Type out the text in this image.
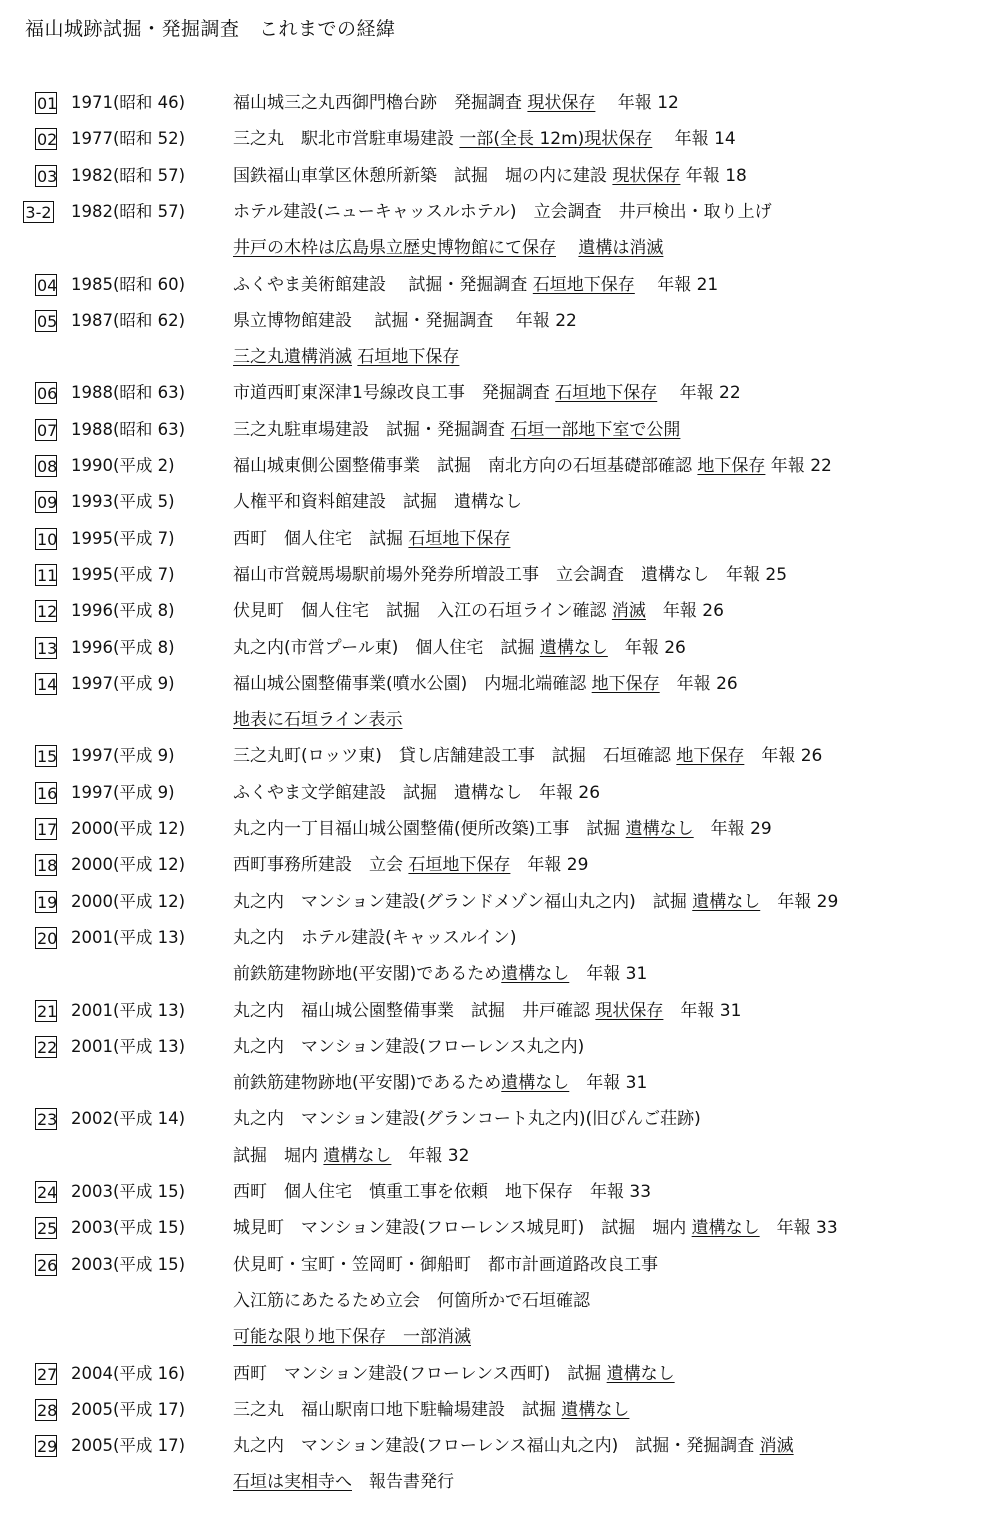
福山城跡試掘・発掘調査　これまでの経緯
01 1971(昭和 46)	福山城三之丸西御門櫓台跡　発掘調査 現状保存　 年報 12
02 1977(昭和 52)	三之丸　駅北市営駐車場建設 一部(全長 12m)現状保存　 年報 14
03 1982(昭和 57)	国鉄福山車掌区休憩所新築　試掘　堀の内に建設 現状保存 年報 18
3-2 1982(昭和 57)	ホテル建設(ニューキャッスルホテル)　立会調査　井戸検出・取り上げ
井戸の木枠は広島県立歴史博物館にて保存　 遺構は消滅
04 1985(昭和 60)	ふくやま美術館建設　 試掘・発掘調査 石垣地下保存　 年報 21
05 1987(昭和 62)	県立博物館建設　 試掘・発掘調査　 年報 22
三之丸遺構消滅 石垣地下保存
06 1988(昭和 63)	市道西町東深津1号線改良工事　発掘調査 石垣地下保存　 年報 22
07 1988(昭和 63)	三之丸駐車場建設　試掘・発掘調査 石垣一部地下室で公開
08 1990(平成 2)	福山城東側公園整備事業　試掘　南北方向の石垣基礎部確認 地下保存 年報 22
09 1993(平成 5)	人権平和資料館建設　試掘　遺構なし
10 1995(平成 7)	西町　個人住宅　試掘 石垣地下保存
11 1995(平成 7)	福山市営競馬場駅前場外発券所増設工事　立会調査　遺構なし　年報 25
12 1996(平成 8)	伏見町　個人住宅　試掘　入江の石垣ライン確認 消滅　年報 26
13 1996(平成 8)	丸之内(市営プール東)　個人住宅　試掘 遺構なし　年報 26
14 1997(平成 9)	福山城公園整備事業(噴水公園)　内堀北端確認 地下保存　年報 26
地表に石垣ライン表示
15 1997(平成 9)	三之丸町(ロッツ東)　貸し店舗建設工事　試掘　石垣確認 地下保存　年報 26
16 1997(平成 9)	ふくやま文学館建設　試掘　遺構なし　年報 26
17 2000(平成 12)	丸之内一丁目福山城公園整備(便所改築)工事　試掘 遺構なし　年報 29
18 2000(平成 12)	西町事務所建設　立会 石垣地下保存　年報 29
19 2000(平成 12)	丸之内　マンション建設(グランドメゾン福山丸之内)　試掘 遺構なし　年報 29
20 2001(平成 13)	丸之内　ホテル建設(キャッスルイン)
前鉄筋建物跡地(平安閣)であるため遺構なし　年報 31
21 2001(平成 13)	丸之内　福山城公園整備事業　試掘　井戸確認 現状保存　年報 31
22 2001(平成 13)	丸之内　マンション建設(フローレンス丸之内)
前鉄筋建物跡地(平安閣)であるため遺構なし　年報 31
23 2002(平成 14)	丸之内　マンション建設(グランコート丸之内)(旧びんご荘跡)
試掘　堀内 遺構なし　年報 32
24 2003(平成 15)	西町　個人住宅　慎重工事を依頼　地下保存　年報 33
25 2003(平成 15)	城見町　マンション建設(フローレンス城見町)　試掘　堀内 遺構なし　年報 33
26 2003(平成 15)	伏見町・宝町・笠岡町・御船町　都市計画道路改良工事
入江筋にあたるため立会　何箇所かで石垣確認
可能な限り地下保存　一部消滅
27 2004(平成 16)	西町　マンション建設(フローレンス西町)　試掘 遺構なし
28 2005(平成 17)	三之丸　福山駅南口地下駐輪場建設　試掘 遺構なし
29 2005(平成 17)	丸之内　マンション建設(フローレンス福山丸之内)　試掘・発掘調査 消滅
石垣は実相寺へ　報告書発行
